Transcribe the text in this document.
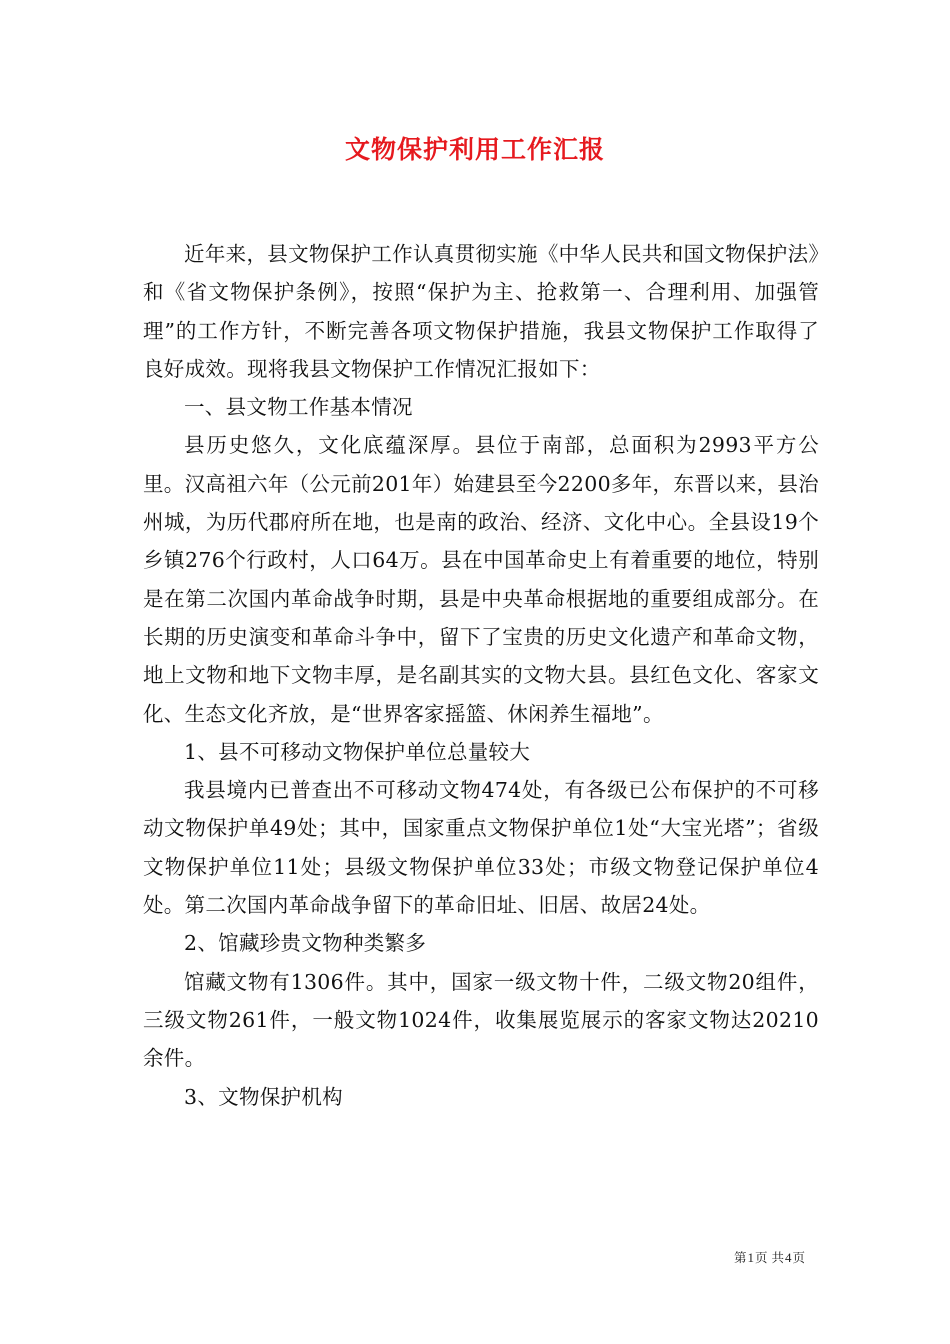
文物保护利用工作汇报

近年来，县文物保护工作认真贯彻实施《中华人民共和国文物保护法》和《省文物保护条例》，按照“保护为主、抢救第一、合理利用、加强管理”的工作方针，不断完善各项文物保护措施，我县文物保护工作取得了良好成效。现将我县文物保护工作情况汇报如下：

一、县文物工作基本情况

县历史悠久，文化底蕴深厚。县位于南部，总面积为2993平方公里。汉高祖六年（公元前201年）始建县至今2200多年，东晋以来，县治州城，为历代郡府所在地，也是南的政治、经济、文化中心。全县设19个乡镇276个行政村，人口64万。县在中国革命史上有着重要的地位，特别是在第二次国内革命战争时期，县是中央革命根据地的重要组成部分。在长期的历史演变和革命斗争中，留下了宝贵的历史文化遗产和革命文物，地上文物和地下文物丰厚，是名副其实的文物大县。县红色文化、客家文化、生态文化齐放，是“世界客家摇篮、休闲养生福地”。

1、县不可移动文物保护单位总量较大

我县境内已普查出不可移动文物474处，有各级已公布保护的不可移动文物保护单49处；其中，国家重点文物保护单位1处“大宝光塔”；省级文物保护单位11处；县级文物保护单位33处；市级文物登记保护单位4处。第二次国内革命战争留下的革命旧址、旧居、故居24处。

2、馆藏珍贵文物种类繁多

馆藏文物有1306件。其中，国家一级文物十件，二级文物20组件，三级文物261件，一般文物1024件，收集展览展示的客家文物达20210余件。

3、文物保护机构

第1页 共4页
